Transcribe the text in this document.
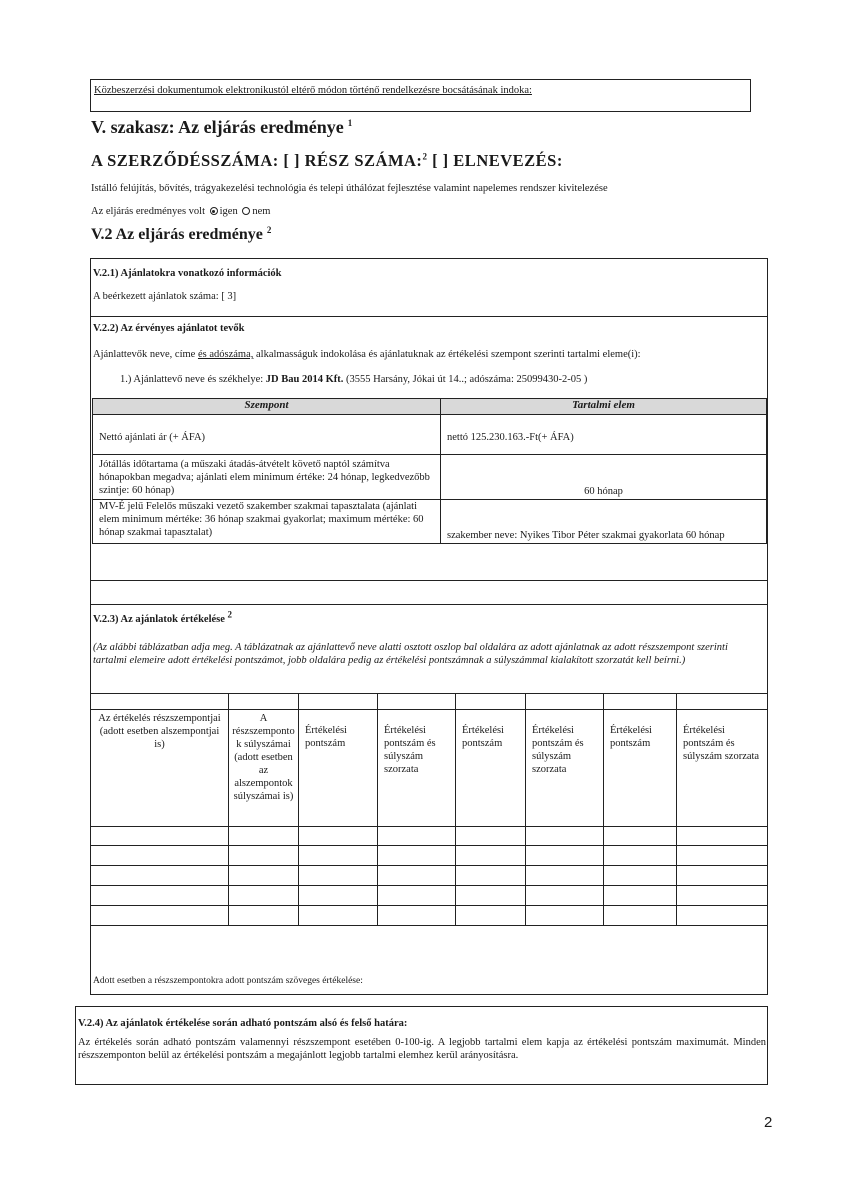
Közbeszerzési dokumentumok elektronikustól eltérő módon történő rendelkezésre bocsátásának indoka:
V. szakasz: Az eljárás eredménye $^1$
A SZERZŐDÉSSZÁMA: [ ] RÉSZ SZÁMA:$^2$ [ ] ELNEVEZÉS:
Istálló felújítás, bővítés, trágyakezelési technológia és telepi úthálózat fejlesztése valamint napelemes rendszer kivitelezése
Az eljárás eredményes volt igen nem
V.2 Az eljárás eredménye $^2$
V.2.1) Ajánlatokra vonatkozó információk
A beérkezett ajánlatok száma: [ 3]
V.2.2) Az érvényes ajánlatot tevők
Ajánlattevők neve, címe és adószáma, alkalmasságuk indokolása és ajánlatuknak az értékelési szempont szerinti tartalmi eleme(i):
1.) Ajánlattevő neve és székhelye: JD Bau 2014 Kft. (3555 Harsány, Jókai út 14..; adószáma: 25099430-2-05 )
Szempont	Tartalmi elem
Nettó ajánlati ár (+ ÁFA)	nettó 125.230.163.-Ft(+ ÁFA)
Jótállás időtartama (a műszaki átadás-átvételt követő naptól számítva hónapokban megadva; ajánlati elem minimum értéke: 24 hónap, legkedvezőbb szintje: 60 hónap)	60 hónap
MV-É jelű Felelős műszaki vezető szakember szakmai tapasztalata (ajánlati elem minimum mértéke: 36 hónap szakmai gyakorlat; maximum mértéke: 60 hónap szakmai tapasztalat)	szakember neve: Nyikes Tibor Péter szakmai gyakorlata 60 hónap
V.2.3) Az ajánlatok értékelése 2
(Az alábbi táblázatban adja meg. A táblázatnak az ajánlattevő neve alatti osztott oszlop bal oldalára az adott ajánlatnak az adott részszempont szerinti tartalmi elemeire adott értékelési pontszámot, jobb oldalára pedig az értékelési pontszámnak a súlyszámmal kialakított szorzatát kell beírni.)

Az értékelés részszempontjai (adott esetben alszempontjai is)	A részszemponto k súlyszámai (adott esetben az alszempontok súlyszámai is)	Értékelési pontszám	Értékelési pontszám és súlyszám szorzata	Értékelési pontszám	Értékelési pontszám és súlyszám szorzata	Értékelési pontszám	Értékelési pontszám és súlyszám szorzata

Adott esetben a részszempontokra adott pontszám szöveges értékelése:
V.2.4) Az ajánlatok értékelése során adható pontszám alsó és felső határa:
Az értékelés során adható pontszám valamennyi részszempont esetében 0-100-ig. A legjobb tartalmi elem kapja az értékelési pontszám maximumát. Minden részszemponton belül az értékelési pontszám a megajánlott legjobb tartalmi elemhez kerül arányosításra.
2
